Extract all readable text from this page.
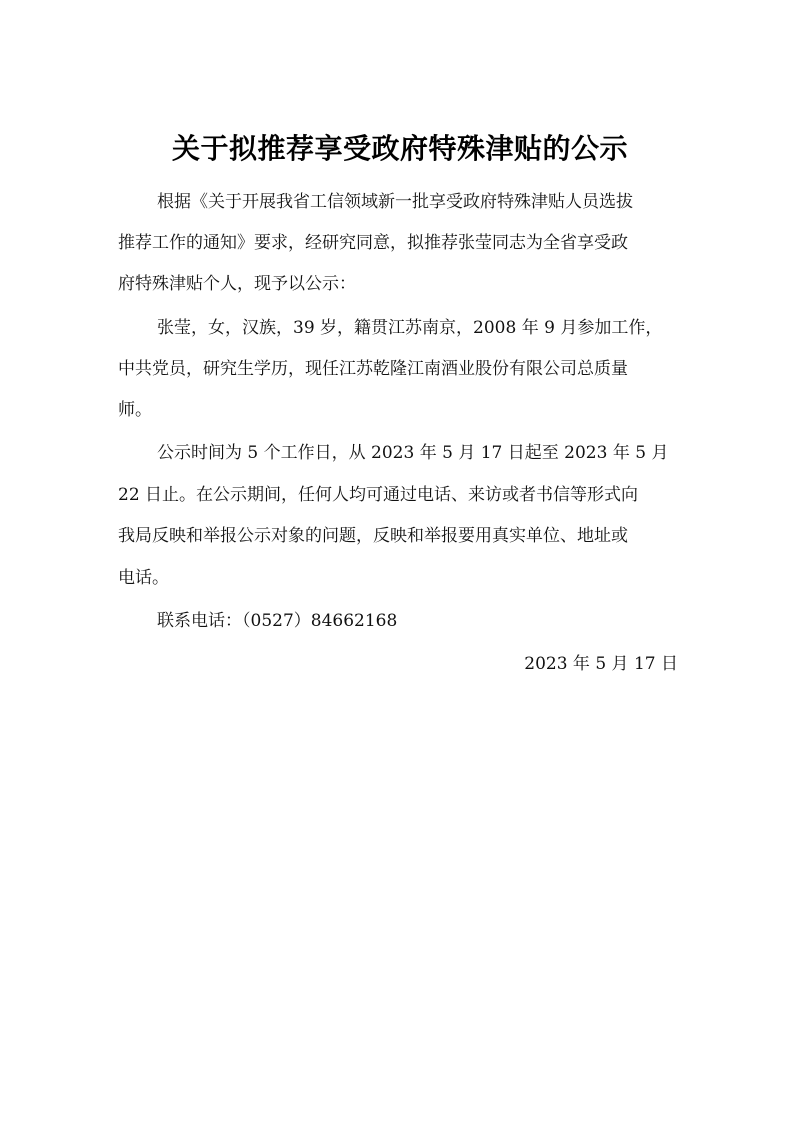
关于拟推荐享受政府特殊津贴的公示
根据《关于开展我省工信领域新一批享受政府特殊津贴人员选拔
推荐工作的通知》要求，经研究同意，拟推荐张莹同志为全省享受政
府特殊津贴个人，现予以公示：
张莹，女，汉族，39 岁，籍贯江苏南京，2008 年 9 月参加工作，
中共党员，研究生学历，现任江苏乾隆江南酒业股份有限公司总质量
师。
公示时间为 5 个工作日，从 2023 年 5 月 17 日起至 2023 年 5 月
22 日止。在公示期间，任何人均可通过电话、来访或者书信等形式向
我局反映和举报公示对象的问题，反映和举报要用真实单位、地址或
电话。
联系电话：（0527）84662168
2023 年 5 月 17 日
